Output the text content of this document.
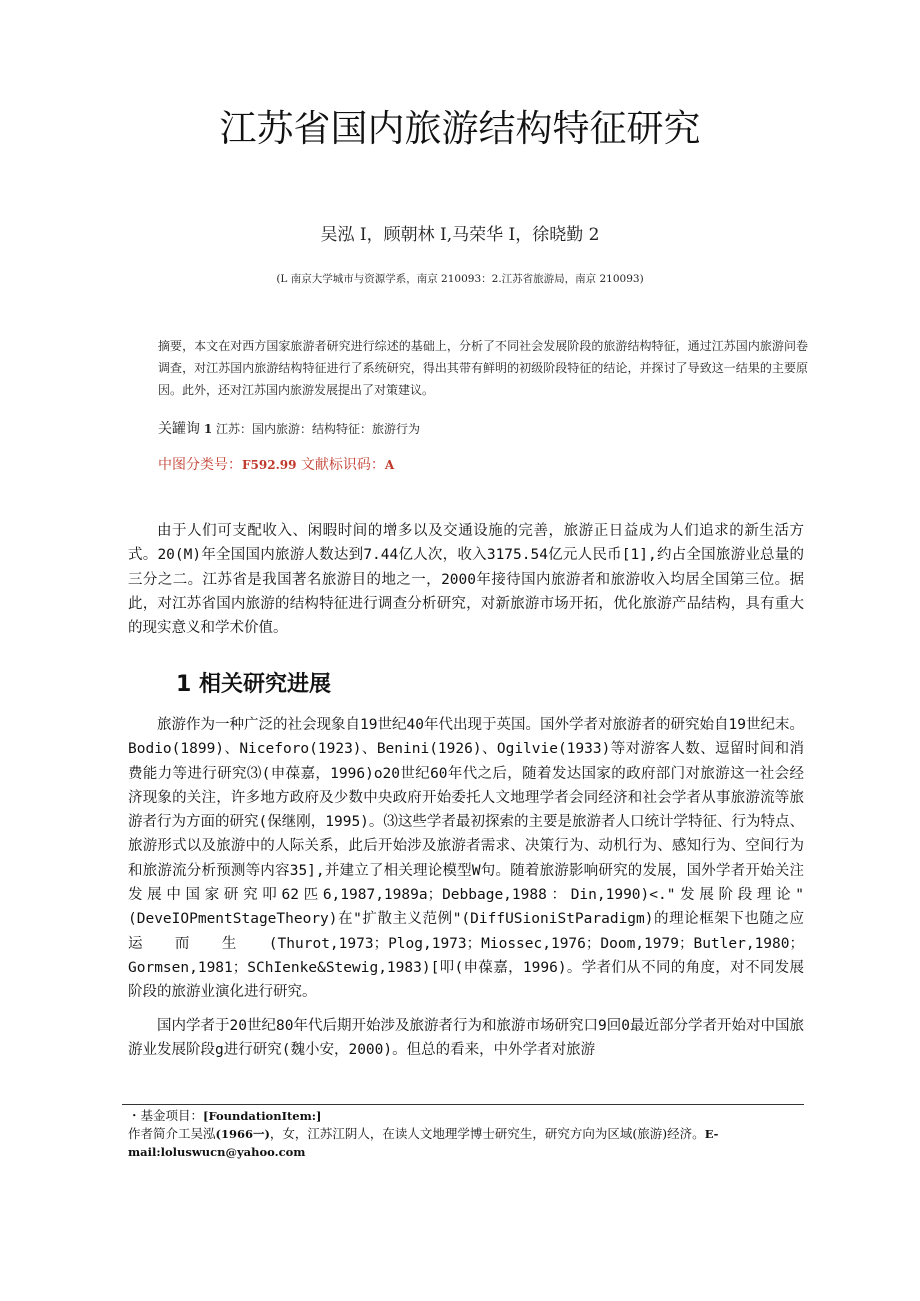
江苏省国内旅游结构特征研究
吴泓 I，顾朝林 I,马荣华 I，徐晓勤 2
(L 南京大学城市与资源学系，南京 210093：2.江苏省旅游局，南京 210093)
摘要，本文在对西方国家旅游者研究进行综述的基础上，分析了不同社会发展阶段的旅游结构特征，通过江苏国内旅游问卷调查，对江苏国内旅游结构特征进行了系统研究，得出其带有鲜明的初级阶段特征的结论，并探讨了导致这一结果的主要原因。此外，还对江苏国内旅游发展提出了对策建议。
关罐询 1 江苏：国内旅游：结构特征：旅游行为
中图分类号：F592.99 文献标识码：A

由于人们可支配收入、闲暇时间的增多以及交通设施的完善，旅游正日益成为人们追求的新生活方式。20(M)年全国国内旅游人数达到7.44亿人次，收入3175.54亿元人民币[1],约占全国旅游业总量的三分之二。江苏省是我国著名旅游目的地之一，2000年接待国内旅游者和旅游收入均居全国第三位。据此，对江苏省国内旅游的结构特征进行调查分析研究，对新旅游市场开拓，优化旅游产品结构，具有重大的现实意义和学术价值。

1 相关研究进展

旅游作为一种广泛的社会现象自19世纪40年代出现于英国。国外学者对旅游者的研究始自19世纪末。Bodio(1899)、Niceforo(1923)、Benini(1926)、Ogilvie(1933)等对游客人数、逗留时间和消费能力等进行研究⑶(申葆嘉，1996)o20世纪60年代之后，随着发达国家的政府部门对旅游这一社会经济现象的关注，许多地方政府及少数中央政府开始委托人文地理学者会同经济和社会学者从事旅游流等旅游者行为方面的研究(保继刚，1995)。⑶这些学者最初探索的主要是旅游者人口统计学特征、行为特点、旅游形式以及旅游中的人际关系，此后开始涉及旅游者需求、决策行为、动机行为、感知行为、空间行为和旅游流分析预测等内容35],并建立了相关理论模型W句。随着旅游影响研究的发展，国外学者开始关注发展中国家研究叩62匹6,1987,1989a；Debbage,1988：Din,1990)<."发展阶段理论"(DeveIOPmentStageTheory)在"扩散主义范例"(DiffUSioniStParadigm)的理论框架下也随之应运而生(Thurot,1973；Plog,1973；Miossec,1976；Doom,1979；Butler,1980；Gormsen,1981；SChIenke&Stewig,1983)[叩(申葆嘉，1996)。学者们从不同的角度，对不同发展阶段的旅游业演化进行研究。

国内学者于20世纪80年代后期开始涉及旅游者行为和旅游市场研究口9回0最近部分学者开始对中国旅游业发展阶段g进行研究(魏小安，2000)。但总的看来，中外学者对旅游

・基金项目：[FoundationItem:]
作者简介工吴泓(1966一)，女，江苏江阴人，在读人文地理学博士研究生，研究方向为区域(旅游)经济。E-mail:loluswucn@yahoo.com
